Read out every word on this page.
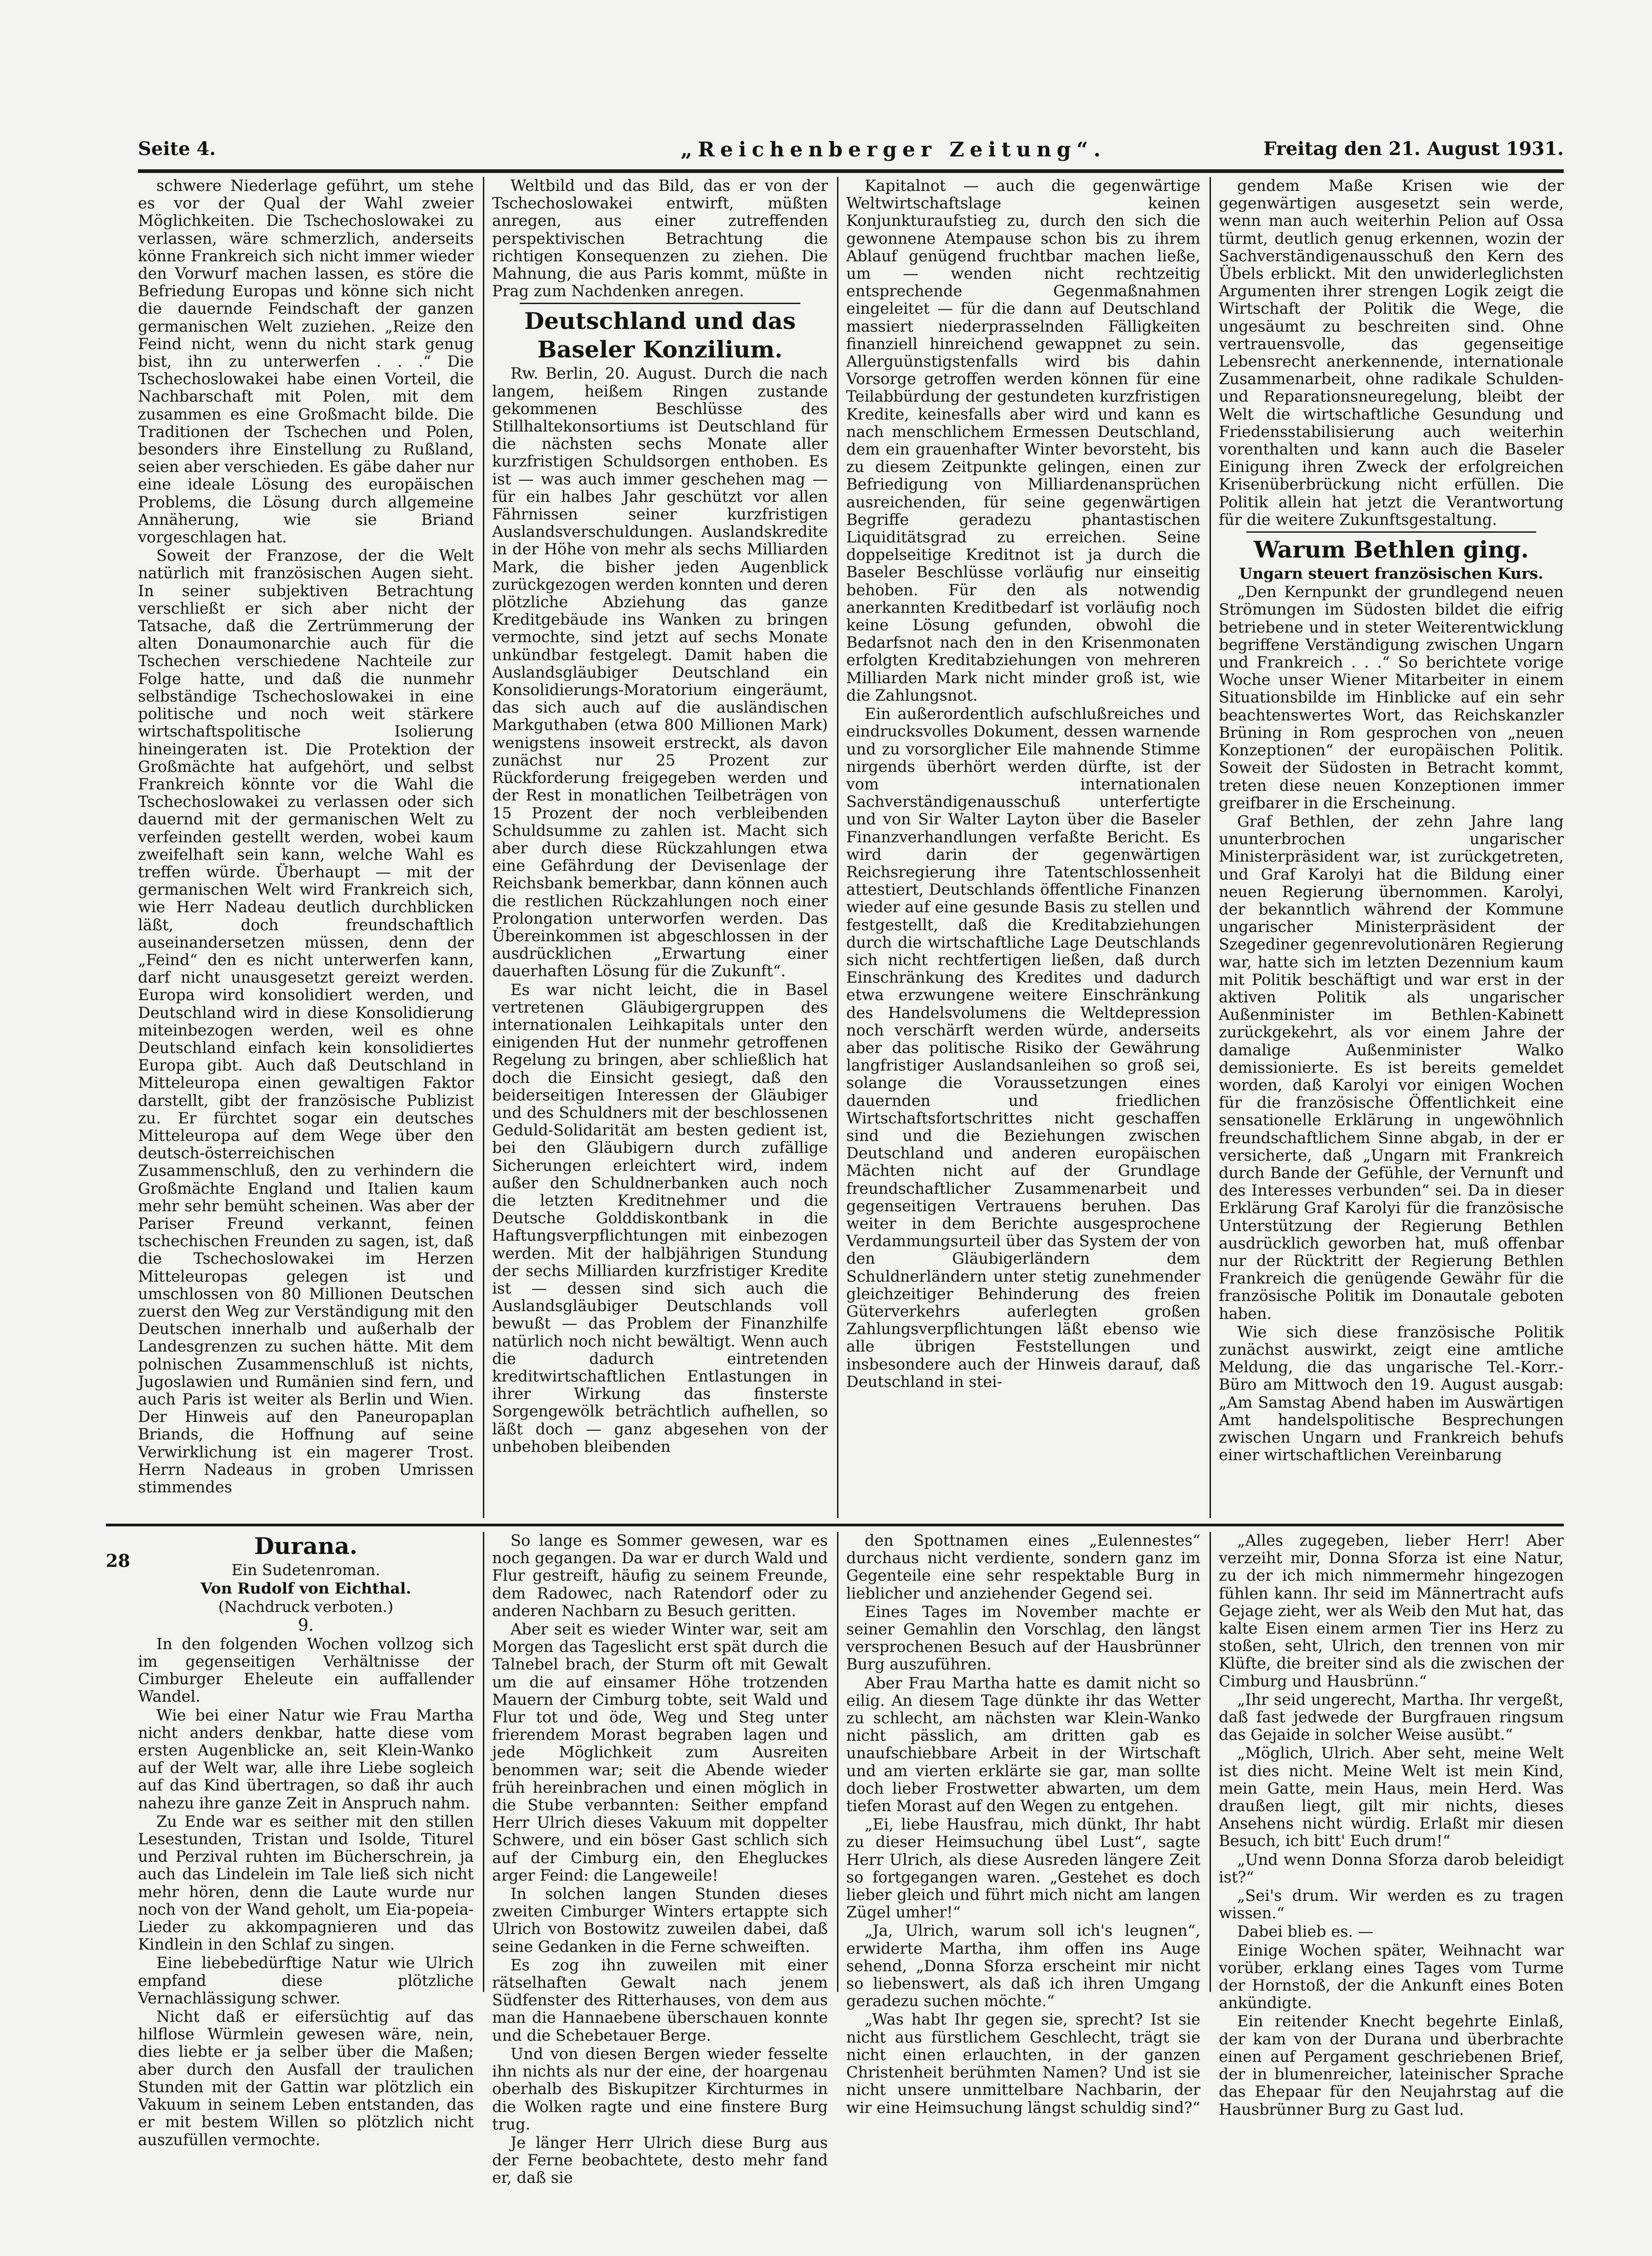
Seite 4.	„Reichenberger Zeitung“.	Freitag den 21. August 1931.

schwere Niederlage geführt, um stehe es vor der Qual der Wahl zweier Möglichkeiten. Die Tschechoslowakei zu verlassen, wäre schmerzlich, anderseits könne Frankreich sich nicht immer wieder den Vorwurf machen lassen, es störe die Befriedung Europas und könne sich nicht die dauernde Feindschaft der ganzen germanischen Welt zuziehen. „Reize den Feind nicht, wenn du nicht stark genug bist, ihn zu unterwerfen . . .“ Die Tschechoslowakei habe einen Vorteil, die Nachbarschaft mit Polen, mit dem zusammen es eine Großmacht bilde. Die Traditionen der Tschechen und Polen, besonders ihre Einstellung zu Rußland, seien aber verschieden. Es gäbe daher nur eine ideale Lösung des europäischen Problems, die Lösung durch allgemeine Annäherung, wie sie Briand vorgeschlagen hat.

Soweit der Franzose, der die Welt natürlich mit französischen Augen sieht. In seiner subjektiven Betrachtung verschließt er sich aber nicht der Tatsache, daß die Zertrümmerung der alten Donaumonarchie auch für die Tschechen verschiedene Nachteile zur Folge hatte, und daß die nunmehr selbständige Tschechoslowakei in eine politische und noch weit stärkere wirtschaftspolitische Isolierung hineingeraten ist. Die Protektion der Großmächte hat aufgehört, und selbst Frankreich könnte vor die Wahl die Tschechoslowakei zu verlassen oder sich dauernd mit der germanischen Welt zu verfeinden gestellt werden, wobei kaum zweifelhaft sein kann, welche Wahl es treffen würde. Überhaupt — mit der germanischen Welt wird Frankreich sich, wie Herr Nadeau deutlich durchblicken läßt, doch freundschaftlich auseinandersetzen müssen, denn der „Feind“ den es nicht unterwerfen kann, darf nicht unausgesetzt gereizt werden. Europa wird konsolidiert werden, und Deutschland wird in diese Konsolidierung miteinbezogen werden, weil es ohne Deutschland einfach kein konsolidiertes Europa gibt. Auch daß Deutschland in Mitteleuropa einen gewaltigen Faktor darstellt, gibt der französische Publizist zu. Er fürchtet sogar ein deutsches Mitteleuropa auf dem Wege über den deutsch-österreichischen Zusammenschluß, den zu verhindern die Großmächte England und Italien kaum mehr sehr bemüht scheinen. Was aber der Pariser Freund verkannt, feinen tschechischen Freunden zu sagen, ist, daß die Tschechoslowakei im Herzen Mitteleuropas gelegen ist und umschlossen von 80 Millionen Deutschen zuerst den Weg zur Verständigung mit den Deutschen innerhalb und außerhalb der Landesgrenzen zu suchen hätte. Mit dem polnischen Zusammenschluß ist nichts, Jugoslawien und Rumänien sind fern, und auch Paris ist weiter als Berlin und Wien. Der Hinweis auf den Paneuropaplan Briands, die Hoffnung auf seine Verwirklichung ist ein magerer Trost. Herrn Nadeaus in groben Umrissen stimmendes

Weltbild und das Bild, das er von der Tschechoslowakei entwirft, müßten anregen, aus einer zutreffenden perspektivischen Betrachtung die richtigen Konsequenzen zu ziehen. Die Mahnung, die aus Paris kommt, müßte in Prag zum Nachdenken anregen.

Deutschland und das Baseler Konzilium.

Rw. Berlin, 20. August. Durch die nach langem, heißem Ringen zustande gekommenen Beschlüsse des Stillhaltekonsortiums ist Deutschland für die nächsten sechs Monate aller kurzfristigen Schuldsorgen enthoben. Es ist — was auch immer geschehen mag — für ein halbes Jahr geschützt vor allen Fährnissen seiner kurzfristigen Auslandsverschuldungen. Auslandskredite in der Höhe von mehr als sechs Milliarden Mark, die bisher jeden Augenblick zurückgezogen werden konnten und deren plötzliche Abziehung das ganze Kreditgebäude ins Wanken zu bringen vermochte, sind jetzt auf sechs Monate unkündbar festgelegt. Damit haben die Auslandsgläubiger Deutschland ein Konsolidierungs-Moratorium eingeräumt, das sich auch auf die ausländischen Markguthaben (etwa 800 Millionen Mark) wenigstens insoweit erstreckt, als davon zunächst nur 25 Prozent zur Rückforderung freigegeben werden und der Rest in monatlichen Teilbeträgen von 15 Prozent der noch verbleibenden Schuldsumme zu zahlen ist. Macht sich aber durch diese Rückzahlungen etwa eine Gefährdung der Devisenlage der Reichsbank bemerkbar, dann können auch die restlichen Rückzahlungen noch einer Prolongation unterworfen werden. Das Übereinkommen ist abgeschlossen in der ausdrücklichen „Erwartung einer dauerhaften Lösung für die Zukunft“.

Es war nicht leicht, die in Basel vertretenen Gläubigergruppen des internationalen Leihkapitals unter den einigenden Hut der nunmehr getroffenen Regelung zu bringen, aber schließlich hat doch die Einsicht gesiegt, daß den beiderseitigen Interessen der Gläubiger und des Schuldners mit der beschlossenen Geduld-Solidarität am besten gedient ist, bei den Gläubigern durch zufällige Sicherungen erleichtert wird, indem außer den Schuldnerbanken auch noch die letzten Kreditnehmer und die Deutsche Golddiskontbank in die Haftungsverpflichtungen mit einbezogen werden. Mit der halbjährigen Stundung der sechs Milliarden kurzfristiger Kredite ist — dessen sind sich auch die Auslandsgläubiger Deutschlands voll bewußt — das Problem der Finanzhilfe natürlich noch nicht bewältigt. Wenn auch die dadurch eintretenden kreditwirtschaftlichen Entlastungen in ihrer Wirkung das finsterste Sorgengewölk beträchtlich aufhellen, so läßt doch — ganz abgesehen von der unbehoben bleibenden

Kapitalnot — auch die gegenwärtige Weltwirtschaftslage keinen Konjunkturaufstieg zu, durch den sich die gewonnene Atempause schon bis zu ihrem Ablauf genügend fruchtbar machen ließe, um — wenden nicht rechtzeitig entsprechende Gegenmaßnahmen eingeleitet — für die dann auf Deutschland massiert niederprasselnden Fälligkeiten finanziell hinreichend gewappnet zu sein. Allerguünstigstenfalls wird bis dahin Vorsorge getroffen werden können für eine Teilabbürdung der gestundeten kurzfristigen Kredite, keinesfalls aber wird und kann es nach menschlichem Ermessen Deutschland, dem ein grauenhafter Winter bevorsteht, bis zu diesem Zeitpunkte gelingen, einen zur Befriedigung von Milliardenansprüchen ausreichenden, für seine gegenwärtigen Begriffe geradezu phantastischen Liquiditätsgrad zu erreichen. Seine doppelseitige Kreditnot ist ja durch die Baseler Beschlüsse vorläufig nur einseitig behoben. Für den als notwendig anerkannten Kreditbedarf ist vorläufig noch keine Lösung gefunden, obwohl die Bedarfsnot nach den in den Krisenmonaten erfolgten Kreditabziehungen von mehreren Milliarden Mark nicht minder groß ist, wie die Zahlungsnot.

Ein außerordentlich aufschlußreiches und eindrucksvolles Dokument, dessen warnende und zu vorsorglicher Eile mahnende Stimme nirgends überhört werden dürfte, ist der vom internationalen Sachverständigenausschuß unterfertigte und von Sir Walter Layton über die Baseler Finanzverhandlungen verfaßte Bericht. Es wird darin der gegenwärtigen Reichsregierung ihre Tatentschlossenheit attestiert, Deutschlands öffentliche Finanzen wieder auf eine gesunde Basis zu stellen und festgestellt, daß die Kreditabziehungen durch die wirtschaftliche Lage Deutschlands sich nicht rechtfertigen ließen, daß durch Einschränkung des Kredites und dadurch etwa erzwungene weitere Einschränkung des Handelsvolumens die Weltdepression noch verschärft werden würde, anderseits aber das politische Risiko der Gewährung langfristiger Auslandsanleihen so groß sei, solange die Voraussetzungen eines dauernden und friedlichen Wirtschaftsfortschrittes nicht geschaffen sind und die Beziehungen zwischen Deutschland und anderen europäischen Mächten nicht auf der Grundlage freundschaftlicher Zusammenarbeit und gegenseitigen Vertrauens beruhen. Das weiter in dem Berichte ausgesprochene Verdammungsurteil über das System der von den Gläubigerländern dem Schuldnerländern unter stetig zunehmender gleichzeitiger Behinderung des freien Güterverkehrs auferlegten großen Zahlungsverpflichtungen läßt ebenso wie alle übrigen Feststellungen und insbesondere auch der Hinweis darauf, daß Deutschland in stei-

gendem Maße Krisen wie der gegenwärtigen ausgesetzt sein werde, wenn man auch weiterhin Pelion auf Ossa türmt, deutlich genug erkennen, wozin der Sachverständigenausschuß den Kern des Übels erblickt. Mit den unwiderleglichsten Argumenten ihrer strengen Logik zeigt die Wirtschaft der Politik die Wege, die ungesäumt zu beschreiten sind. Ohne vertrauensvolle, das gegenseitige Lebensrecht anerkennende, internationale Zusammenarbeit, ohne radikale Schulden- und Reparationsneuregelung, bleibt der Welt die wirtschaftliche Gesundung und Friedensstabilisierung auch weiterhin vorenthalten und kann auch die Baseler Einigung ihren Zweck der erfolgreichen Krisenüberbrückung nicht erfüllen. Die Politik allein hat jetzt die Verantwortung für die weitere Zukunftsgestaltung.

Warum Bethlen ging.

Ungarn steuert französischen Kurs.

„Den Kernpunkt der grundlegend neuen Strömungen im Südosten bildet die eifrig betriebene und in steter Weiterentwicklung begriffene Verständigung zwischen Ungarn und Frankreich . . .“ So berichtete vorige Woche unser Wiener Mitarbeiter in einem Situationsbilde im Hinblicke auf ein sehr beachtenswertes Wort, das Reichskanzler Brüning in Rom gesprochen von „neuen Konzeptionen“ der europäischen Politik. Soweit der Südosten in Betracht kommt, treten diese neuen Konzeptionen immer greifbarer in die Erscheinung.

Graf Bethlen, der zehn Jahre lang ununterbrochen ungarischer Ministerpräsident war, ist zurückgetreten, und Graf Karolyi hat die Bildung einer neuen Regierung übernommen. Karolyi, der bekanntlich während der Kommune ungarischer Ministerpräsident der Szegediner gegenrevolutionären Regierung war, hatte sich im letzten Dezennium kaum mit Politik beschäftigt und war erst in der aktiven Politik als ungarischer Außenminister im Bethlen-Kabinett zurückgekehrt, als vor einem Jahre der damalige Außenminister Walko demissionierte. Es ist bereits gemeldet worden, daß Karolyi vor einigen Wochen für die französische Öffentlichkeit eine sensationelle Erklärung in ungewöhnlich freundschaftlichem Sinne abgab, in der er versicherte, daß „Ungarn mit Frankreich durch Bande der Gefühle, der Vernunft und des Interesses verbunden“ sei. Da in dieser Erklärung Graf Karolyi für die französische Unterstützung der Regierung Bethlen ausdrücklich geworben hat, muß offenbar nur der Rücktritt der Regierung Bethlen Frankreich die genügende Gewähr für die französische Politik im Donautale geboten haben.

Wie sich diese französische Politik zunächst auswirkt, zeigt eine amtliche Meldung, die das ungarische Tel.-Korr.-Büro am Mittwoch den 19. August ausgab: „Am Samstag Abend haben im Auswärtigen Amt handelspolitische Besprechungen zwischen Ungarn und Frankreich behufs einer wirtschaftlichen Vereinbarung

28

Durana.

Ein Sudetenroman.

Von Rudolf von Eichthal.

(Nachdruck verboten.)

9.

In den folgenden Wochen vollzog sich im gegenseitigen Verhältnisse der Cimburger Eheleute ein auffallender Wandel.

Wie bei einer Natur wie Frau Martha nicht anders denkbar, hatte diese vom ersten Augenblicke an, seit Klein-Wanko auf der Welt war, alle ihre Liebe sogleich auf das Kind übertragen, so daß ihr auch nahezu ihre ganze Zeit in Anspruch nahm.

Zu Ende war es seither mit den stillen Lesestunden, Tristan und Isolde, Titurel und Perzival ruhten im Bücherschrein, ja auch das Lindelein im Tale ließ sich nicht mehr hören, denn die Laute wurde nur noch von der Wand geholt, um Eia-popeia-Lieder zu akkompagnieren und das Kindlein in den Schlaf zu singen.

Eine liebebedürftige Natur wie Ulrich empfand diese plötzliche Vernachlässigung schwer.

Nicht daß er eifersüchtig auf das hilflose Würmlein gewesen wäre, nein, dies liebte er ja selber über die Maßen; aber durch den Ausfall der traulichen Stunden mit der Gattin war plötzlich ein Vakuum in seinem Leben entstanden, das er mit bestem Willen so plötzlich nicht auszufüllen vermochte.

So lange es Sommer gewesen, war es noch gegangen. Da war er durch Wald und Flur gestreift, häufig zu seinem Freunde, dem Radowec, nach Ratendorf oder zu anderen Nachbarn zu Besuch geritten.

Aber seit es wieder Winter war, seit am Morgen das Tageslicht erst spät durch die Talnebel brach, der Sturm oft mit Gewalt um die auf einsamer Höhe trotzenden Mauern der Cimburg tobte, seit Wald und Flur tot und öde, Weg und Steg unter frierendem Morast begraben lagen und jede Möglichkeit zum Ausreiten benommen war; seit die Abende wieder früh hereinbrachen und einen möglich in die Stube verbannten: Seither empfand Herr Ulrich dieses Vakuum mit doppelter Schwere, und ein böser Gast schlich sich auf der Cimburg ein, den Ehegluckes arger Feind: die Langeweile!

In solchen langen Stunden dieses zweiten Cimburger Winters ertappte sich Ulrich von Bostowitz zuweilen dabei, daß seine Gedanken in die Ferne schweiften.

Es zog ihn zuweilen mit einer rätselhaften Gewalt nach jenem Südfenster des Ritterhauses, von dem aus man die Hannaebene überschauen konnte und die Schebetauer Berge.

Und von diesen Bergen wieder fesselte ihn nichts als nur der eine, der hoargenau oberhalb des Biskupitzer Kirchturmes in die Wolken ragte und eine finstere Burg trug.

Je länger Herr Ulrich diese Burg aus der Ferne beobachtete, desto mehr fand er, daß sie

den Spottnamen eines „Eulennestes“ durchaus nicht verdiente, sondern ganz im Gegenteile eine sehr respektable Burg in lieblicher und anziehender Gegend sei.

Eines Tages im November machte er seiner Gemahlin den Vorschlag, den längst versprochenen Besuch auf der Hausbrünner Burg auszuführen.

Aber Frau Martha hatte es damit nicht so eilig. An diesem Tage dünkte ihr das Wetter zu schlecht, am nächsten war Klein-Wanko nicht pässlich, am dritten gab es unaufschiebbare Arbeit in der Wirtschaft und am vierten erklärte sie gar, man sollte doch lieber Frostwetter abwarten, um dem tiefen Morast auf den Wegen zu entgehen.

„Ei, liebe Hausfrau, mich dünkt, Ihr habt zu dieser Heimsuchung übel Lust“, sagte Herr Ulrich, als diese Ausreden längere Zeit so fortgegangen waren. „Gestehet es doch lieber gleich und führt mich nicht am langen Zügel umher!“

„Ja, Ulrich, warum soll ich's leugnen“, erwiderte Martha, ihm offen ins Auge sehend, „Donna Sforza erscheint mir nicht so liebenswert, als daß ich ihren Umgang geradezu suchen möchte.“

„Was habt Ihr gegen sie, sprecht? Ist sie nicht aus fürstlichem Geschlecht, trägt sie nicht einen erlauchten, in der ganzen Christenheit berühmten Namen? Und ist sie nicht unsere unmittelbare Nachbarin, der wir eine Heimsuchung längst schuldig sind?“

„Alles zugegeben, lieber Herr! Aber verzeiht mir, Donna Sforza ist eine Natur, zu der ich mich nimmermehr hingezogen fühlen kann. Ihr seid im Männertracht aufs Gejage zieht, wer als Weib den Mut hat, das kalte Eisen einem armen Tier ins Herz zu stoßen, seht, Ulrich, den trennen von mir Klüfte, die breiter sind als die zwischen der Cimburg und Hausbrünn.“

„Ihr seid ungerecht, Martha. Ihr vergeßt, daß fast jedwede der Burgfrauen ringsum das Gejaide in solcher Weise ausübt.“

„Möglich, Ulrich. Aber seht, meine Welt ist dies nicht. Meine Welt ist mein Kind, mein Gatte, mein Haus, mein Herd. Was draußen liegt, gilt mir nichts, dieses Ansehens nicht würdig. Erlaßt mir diesen Besuch, ich bitt' Euch drum!“

„Und wenn Donna Sforza darob beleidigt ist?“

„Sei's drum. Wir werden es zu tragen wissen.“

Dabei blieb es. —

Einige Wochen später, Weihnacht war vorüber, erklang eines Tages vom Turme der Hornstoß, der die Ankunft eines Boten ankündigte.

Ein reitender Knecht begehrte Einlaß, der kam von der Durana und überbrachte einen auf Pergament geschriebenen Brief, der in blumenreicher, lateinischer Sprache das Ehepaar für den Neujahrstag auf die Hausbrünner Burg zu Gast lud.
